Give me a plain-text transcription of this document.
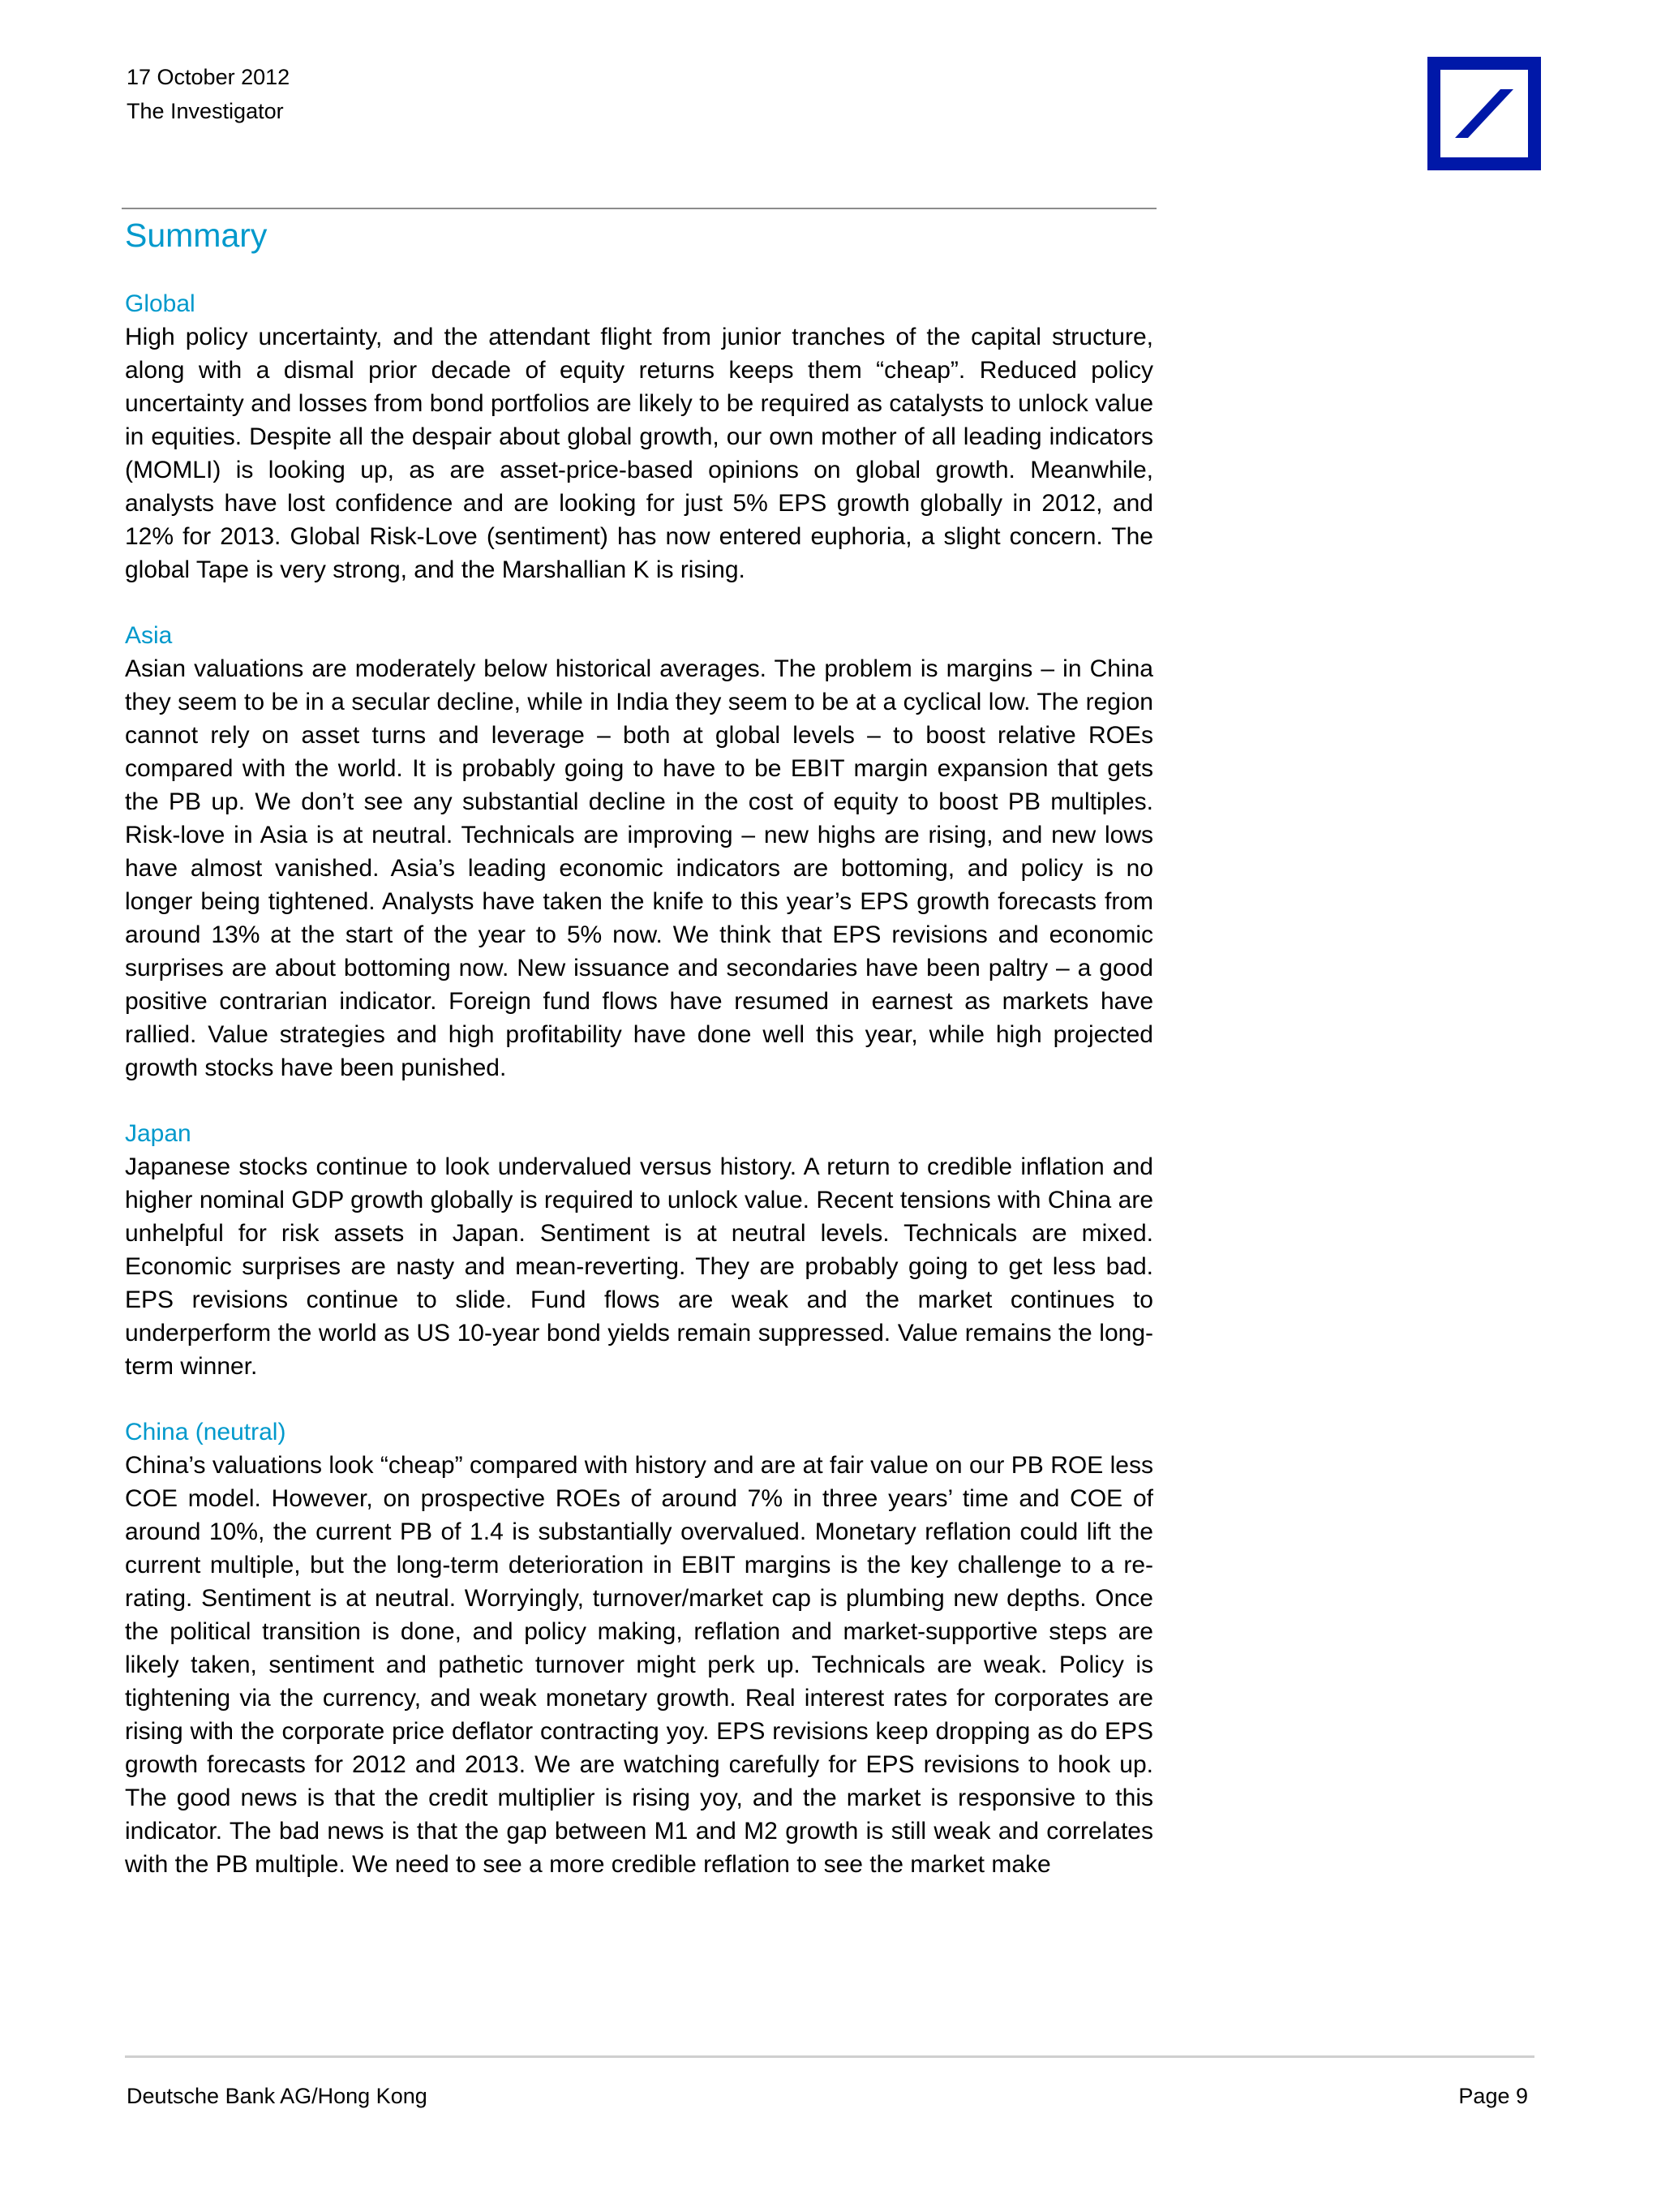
17 October 2012
The Investigator
Summary
Global

High policy uncertainty, and the attendant flight from junior tranches of the capital structure, along with a dismal prior decade of equity returns keeps them “cheap”. Reduced policy uncertainty and losses from bond portfolios are likely to be required as catalysts to unlock value in equities. Despite all the despair about global growth, our own mother of all leading indicators (MOMLI) is looking up, as are asset-price-based opinions on global growth. Meanwhile, analysts have lost confidence and are looking for just 5% EPS growth globally in 2012, and 12% for 2013. Global Risk-Love (sentiment) has now entered euphoria, a slight concern. The global Tape is very strong, and the Marshallian K is rising.

Asia

Asian valuations are moderately below historical averages. The problem is margins – in China they seem to be in a secular decline, while in India they seem to be at a cyclical low. The region cannot rely on asset turns and leverage – both at global levels – to boost relative ROEs compared with the world. It is probably going to have to be EBIT margin expansion that gets the PB up. We don’t see any substantial decline in the cost of equity to boost PB multiples. Risk-love in Asia is at neutral. Technicals are improving – new highs are rising, and new lows have almost vanished. Asia’s leading economic indicators are bottoming, and policy is no longer being tightened. Analysts have taken the knife to this year’s EPS growth forecasts from around 13% at the start of the year to 5% now. We think that EPS revisions and economic surprises are about bottoming now. New issuance and secondaries have been paltry – a good positive contrarian indicator. Foreign fund flows have resumed in earnest as markets have rallied. Value strategies and high profitability have done well this year, while high projected growth stocks have been punished.

Japan

Japanese stocks continue to look undervalued versus history. A return to credible inflation and higher nominal GDP growth globally is required to unlock value. Recent tensions with China are unhelpful for risk assets in Japan. Sentiment is at neutral levels. Technicals are mixed. Economic surprises are nasty and mean-reverting. They are probably going to get less bad. EPS revisions continue to slide. Fund flows are weak and the market continues to underperform the world as US 10-year bond yields remain suppressed. Value remains the long-term winner.

China (neutral)

China’s valuations look “cheap” compared with history and are at fair value on our PB ROE less COE model. However, on prospective ROEs of around 7% in three years’ time and COE of around 10%, the current PB of 1.4 is substantially overvalued. Monetary reflation could lift the current multiple, but the long-term deterioration in EBIT margins is the key challenge to a re-rating. Sentiment is at neutral. Worryingly, turnover/market cap is plumbing new depths. Once the political transition is done, and policy making, reflation and market-supportive steps are likely taken, sentiment and pathetic turnover might perk up. Technicals are weak. Policy is tightening via the currency, and weak monetary growth. Real interest rates for corporates are rising with the corporate price deflator contracting yoy. EPS revisions keep dropping as do EPS growth forecasts for 2012 and 2013. We are watching carefully for EPS revisions to hook up. The good news is that the credit multiplier is rising yoy, and the market is responsive to this indicator. The bad news is that the gap between M1 and M2 growth is still weak and correlates with the PB multiple. We need to see a more credible reflation to see the market make

Deutsche Bank AG/Hong Kong	Page 9
